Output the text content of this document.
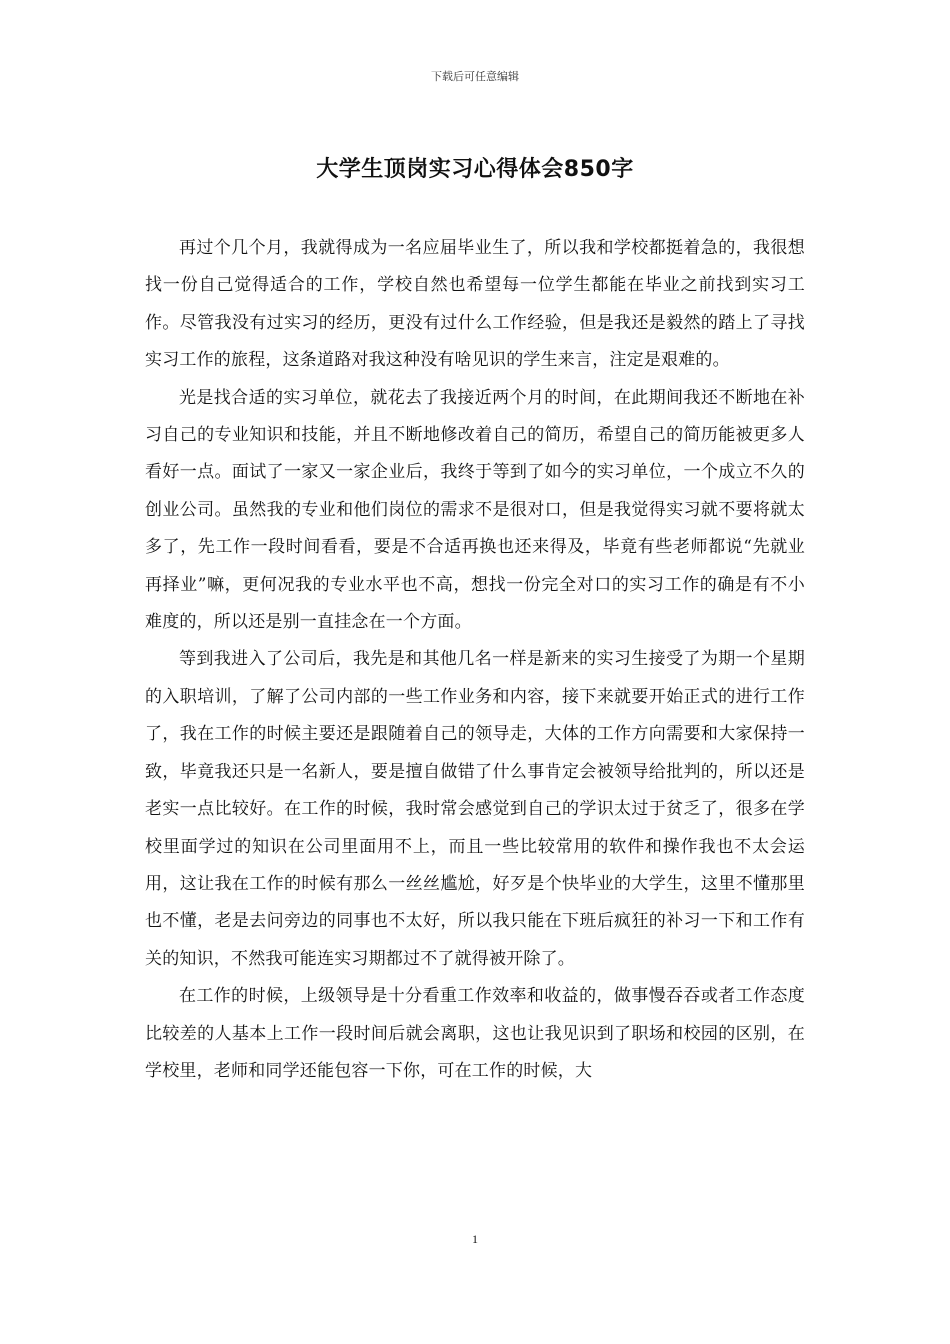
下载后可任意编辑
大学生顶岗实习心得体会850字

再过个几个月，我就得成为一名应届毕业生了，所以我和学校都挺着急的，我很想找一份自己觉得适合的工作，学校自然也希望每一位学生都能在毕业之前找到实习工作。尽管我没有过实习的经历，更没有过什么工作经验，但是我还是毅然的踏上了寻找实习工作的旅程，这条道路对我这种没有啥见识的学生来言，注定是艰难的。

光是找合适的实习单位，就花去了我接近两个月的时间，在此期间我还不断地在补习自己的专业知识和技能，并且不断地修改着自己的简历，希望自己的简历能被更多人看好一点。面试了一家又一家企业后，我终于等到了如今的实习单位，一个成立不久的创业公司。虽然我的专业和他们岗位的需求不是很对口，但是我觉得实习就不要将就太多了，先工作一段时间看看，要是不合适再换也还来得及，毕竟有些老师都说“先就业再择业”嘛，更何况我的专业水平也不高，想找一份完全对口的实习工作的确是有不小难度的，所以还是别一直挂念在一个方面。

等到我进入了公司后，我先是和其他几名一样是新来的实习生接受了为期一个星期的入职培训，了解了公司内部的一些工作业务和内容，接下来就要开始正式的进行工作了，我在工作的时候主要还是跟随着自己的领导走，大体的工作方向需要和大家保持一致，毕竟我还只是一名新人，要是擅自做错了什么事肯定会被领导给批判的，所以还是老实一点比较好。在工作的时候，我时常会感觉到自己的学识太过于贫乏了，很多在学校里面学过的知识在公司里面用不上，而且一些比较常用的软件和操作我也不太会运用，这让我在工作的时候有那么一丝丝尴尬，好歹是个快毕业的大学生，这里不懂那里也不懂，老是去问旁边的同事也不太好，所以我只能在下班后疯狂的补习一下和工作有关的知识，不然我可能连实习期都过不了就得被开除了。

在工作的时候，上级领导是十分看重工作效率和收益的，做事慢吞吞或者工作态度比较差的人基本上工作一段时间后就会离职，这也让我见识到了职场和校园的区别，在学校里，老师和同学还能包容一下你，可在工作的时候，大

1
